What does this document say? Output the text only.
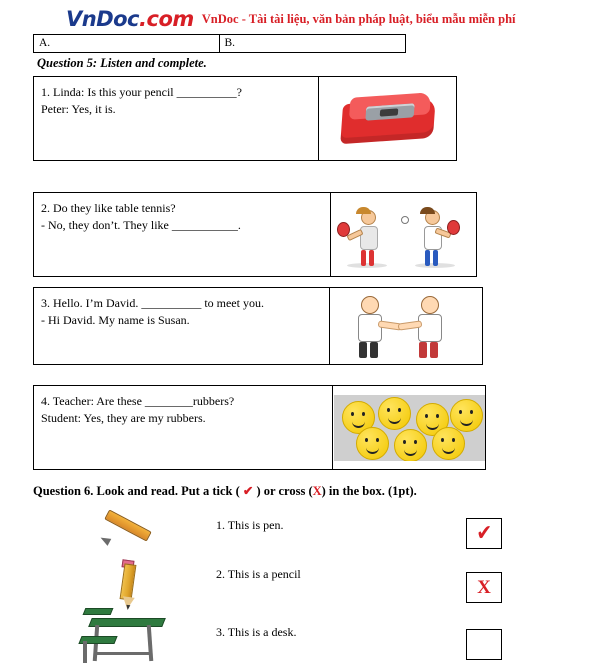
VnDoc.com VnDoc - Tài tài liệu, văn bản pháp luật, biểu mẫu miễn phí
A.	B.
Question 5: Listen and complete.
1. Linda: Is this your pencil __________?
Peter: Yes, it is.
2. Do they like table tennis?
- No, they don’t. They like ___________.
3. Hello. I’m David. __________ to meet you.
- Hi David. My name is Susan.
4. Teacher: Are these ________rubbers?
Student: Yes, they are my rubbers.
Question 6. Look and read. Put a tick ( ✔ ) or cross (X) in the box. (1pt).
1. This is pen.
2. This is a pencil
3. This is a desk.
✔
X
